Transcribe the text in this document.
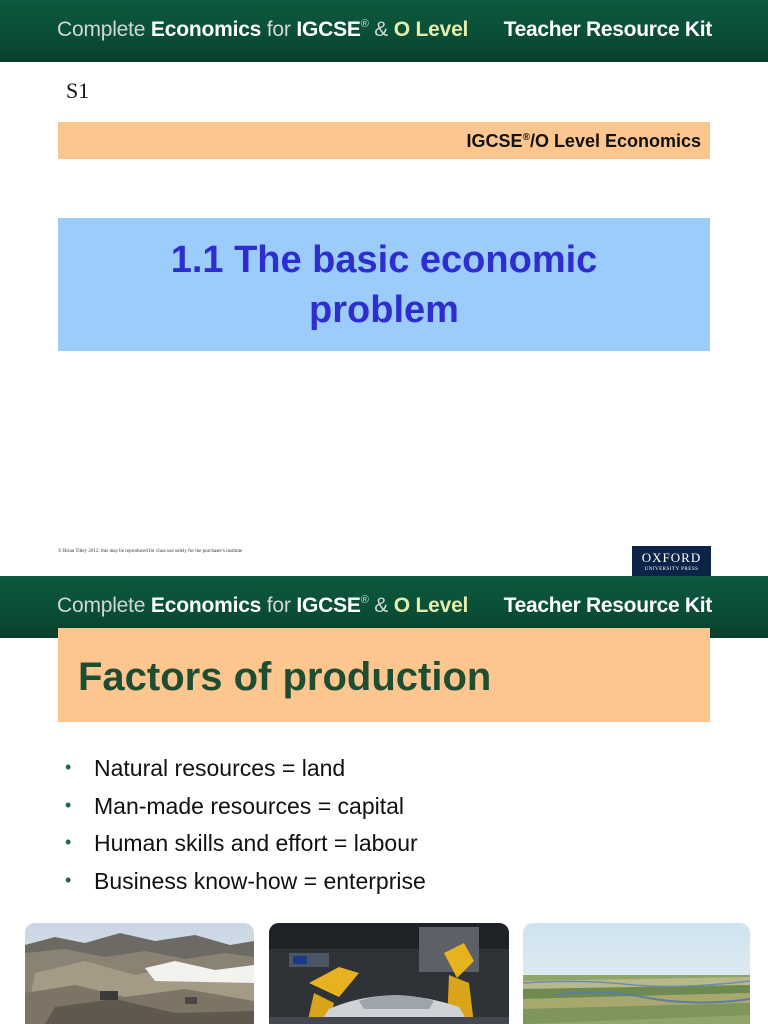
Complete Economics for IGCSE® & O Level Teacher Resource Kit
S1
IGCSE®/O Level Economics
1.1 The basic economic problem
© Brian Titley 2012: this may be reproduced for class use solely for the purchaser's institute	OXFORD
UNIVERSITY PRESS
Complete Economics for IGCSE® & O Level Teacher Resource Kit
Factors of production
• Natural resources = land
• Man-made resources = capital
• Human skills and effort = labour
• Business know-how = enterprise
